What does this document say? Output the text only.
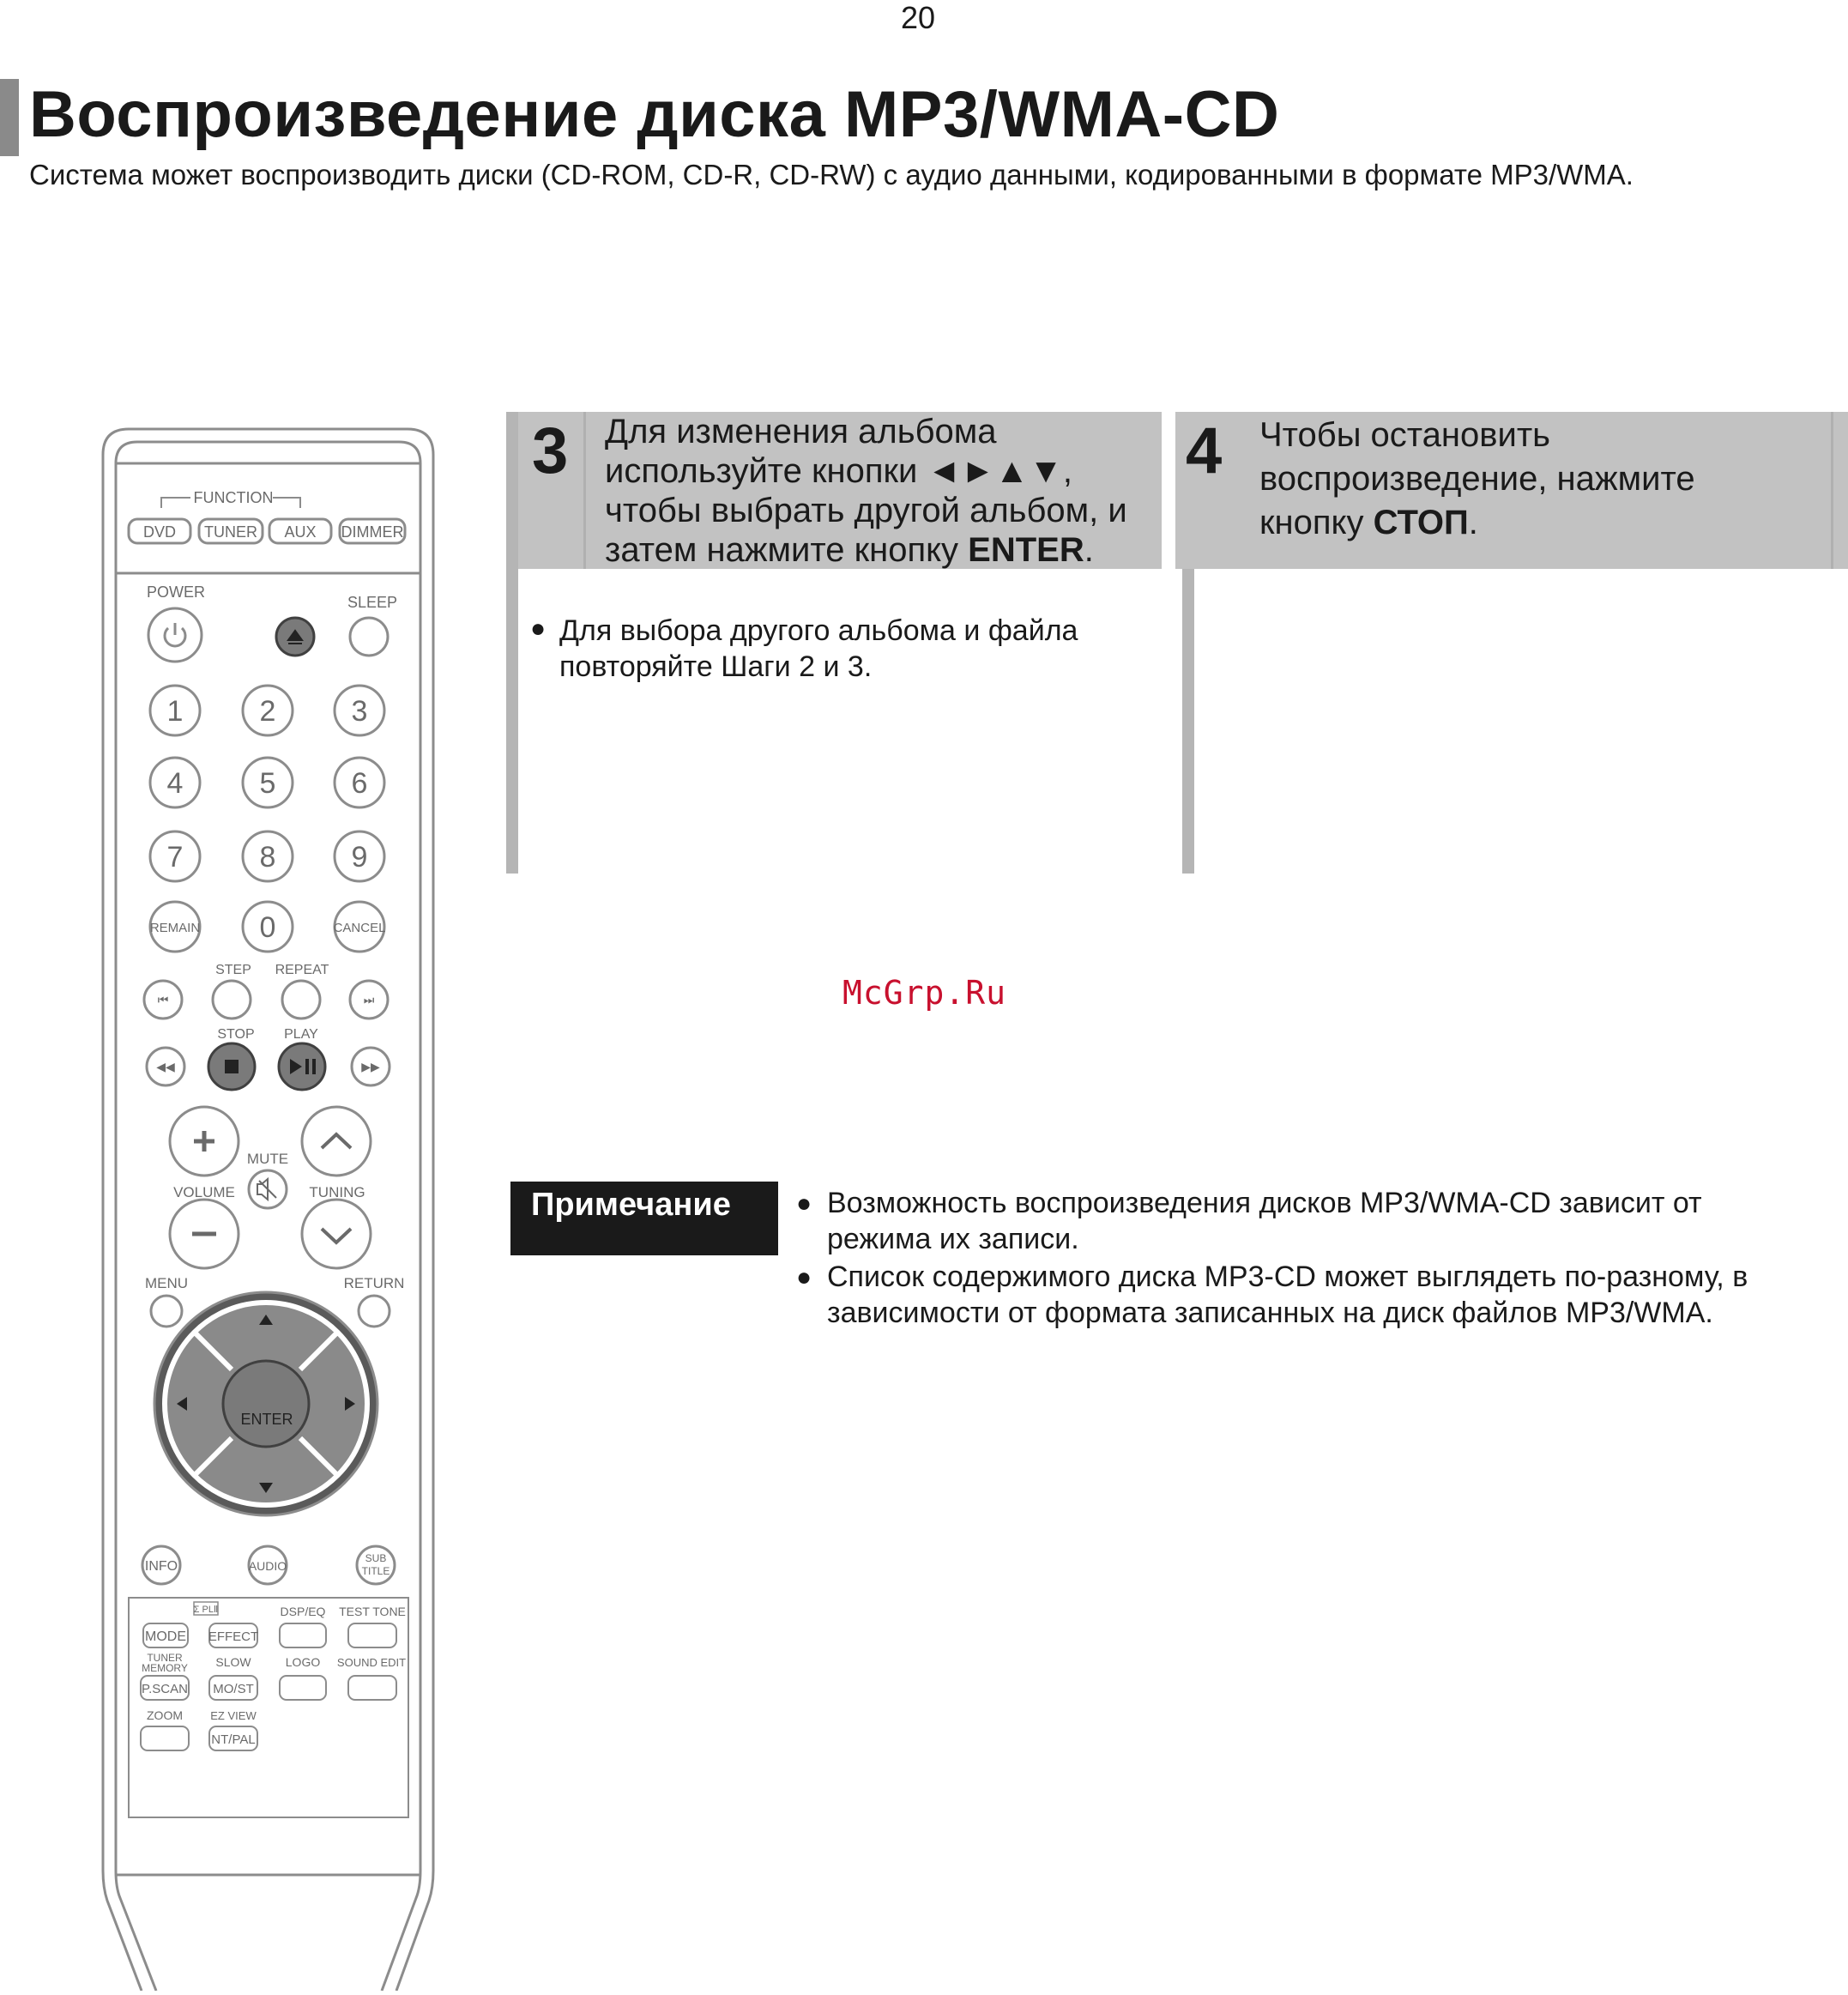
20
Воспроизведение диска MP3/WMA-CD
Система может воспроизводить диски (CD-ROM, CD-R, CD-RW) с аудио данными, кодированными в формате MP3/WMA.
3 Для изменения альбома
используйте кнопки ◄►▲▼,
чтобы выбрать другой альбом, и
затем нажмите кнопку ENTER.
● Для выбора другого альбома и файла
повторяйте Шаги 2 и 3.
4 Чтобы остановить
воспроизведение, нажмите
кнопку СТОП.
McGrp.Ru
Примечание	● Возможность воспроизведения дисков MP3/WMA-CD зависит от
режима их записи.
● Список содержимого диска MP3-CD может выглядеть по-разному, в
зависимости от формата записанных на диск файлов MP3/WMA.
FUNCTION
DVD TUNER AUX DIMMER
POWER
SLEEP
REMAIN	CANCEL
STEP REPEAT
STOP PLAY
MUTE
VOLUME	TUNING
MENU	RETURN
ENTER
INFO	AUDIO
SUB
TITLE
Σ PLⅡ
MODE EFFECT
DSP/EQ TEST TONE
TUNER
MEMORY SLOW	LOGO SOUND EDIT
P.SCAN MO/ST
ZOOM EZ VIEW
NT/PAL
1	2	3
4	5	6
7	8	9
0
⏮	⏭
◀◀	▶▶
